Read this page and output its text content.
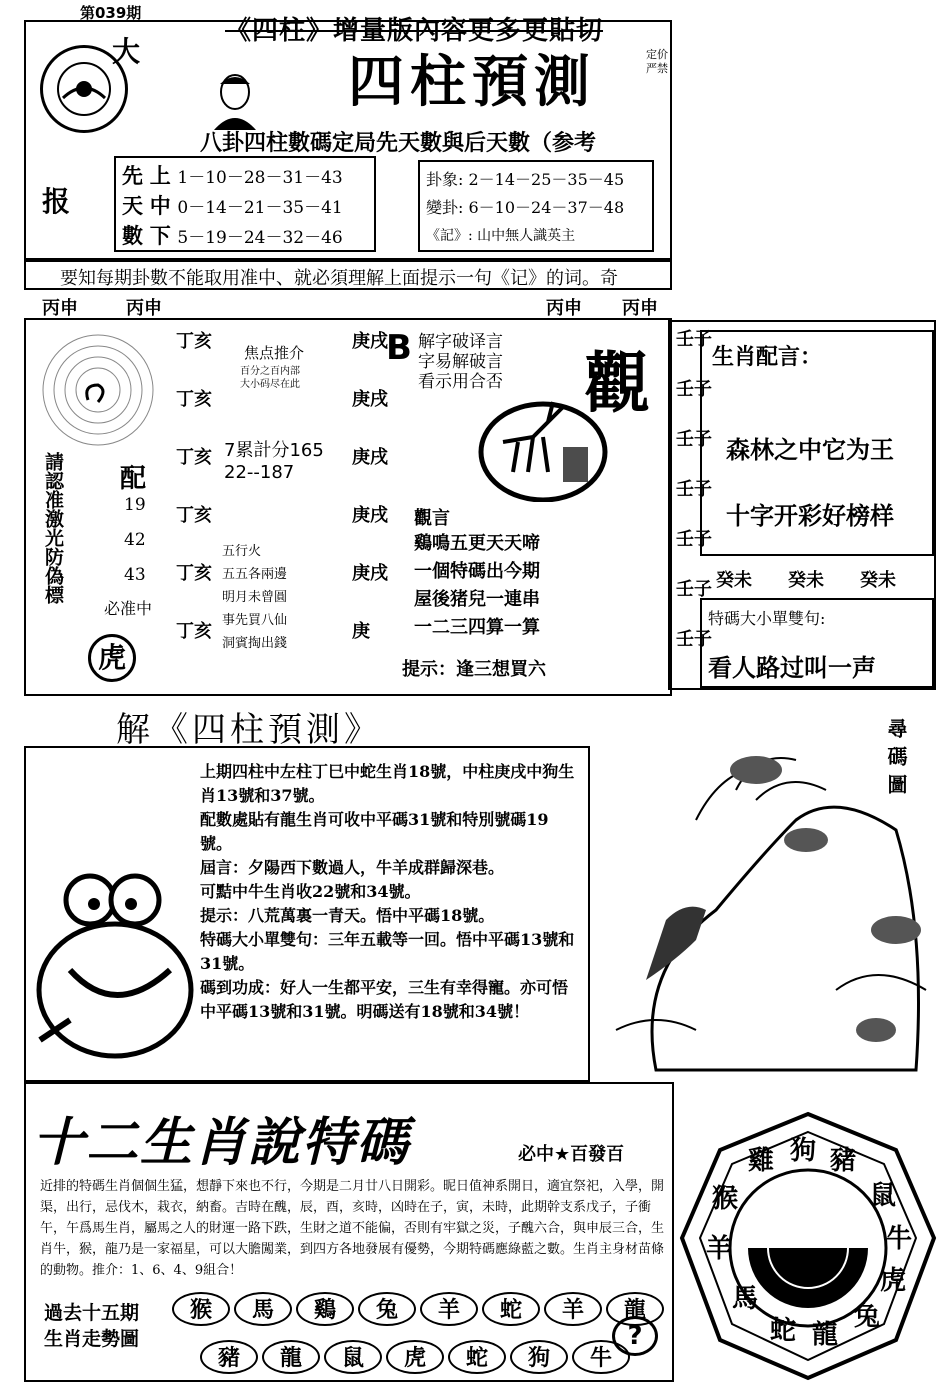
第039期
《四柱》增量版內容更多更貼切
大
报
四柱預測	定价
严禁
八卦四柱數碼定局先天數與后天數（参考
先 上 1－10－28－31－43
天 中 0－14－21－35－41
數 下 5－19－24－32－46
卦象: 2－14－25－35－45
變卦: 6－10－24－37－48
《記》: 山中無人識英主
要知每期卦數不能取用准中、就必須理解上面提示一句《记》的词。奇
丙申	丙申	丙申 丙申
請認准激光防偽標 配
19
42
43
必准中
虎
丁亥
丁亥
丁亥
丁亥
丁亥
丁亥
焦点推介
百分之百内部
大小码尽在此
7累計分165
22--187
五行火
五五各兩邊
明月未曾圓
事先買八仙
洞賓掏出錢
庚戌
庚戌
庚戌
庚戌
庚戌
庚
B 解字破译言
字易解破言
看示用合否 觀
觀言
鷄鳴五更天天啼
一個特碼出今期
屋後猪兒一連串
一二三四算一算
提示：逢三想買六
壬子
壬子
壬子
壬子
壬子
壬子
壬子
生肖配言：
森林之中它为王
十字开彩好榜样
癸未 癸未 癸未
特碼大小單雙句:
看人路过叫一声
解《四柱預測》	尋碼圖
上期四柱中左柱丁巳中蛇生肖18號，中柱庚戌中狗生肖13號和37號。
配數處貼有龍生肖可收中平碼31號和特別號碼19號。
屆言：夕陽西下數過人，牛羊成群歸深巷。
可黠中牛生肖收22號和34號。
提示：八荒萬裏一青天。悟中平碼18號。
特碼大小單雙句：三年五載等一回。悟中平碼13號和31號。
碼到功成：好人一生都平安，三生有幸得寵。亦可悟中平碼13號和31號。明碼送有18號和34號！
十二生肖說特碼	必中★百發百
近排的特碼生肖個個生猛，想靜下來也不行，今期是二月廿八日開彩。昵日值神系開日，適宜祭祀，入學，開渠，出行，忌伐木，栽衣，納畜。吉時在醜，辰，酉，亥時，凶時在子，寅，未時，此期幹支系戊子，子衝午，午爲馬生肖，屬馬之人的財運一路下跌，生財之道不能偏，否則有牢獄之災，子醜六合，與申辰三合，生肖牛，猴，龍乃是一家福星，可以大膽闖業，到四方各地發展有優勢，今期特碼應綠藍之數。生肖主身材苗條的動物。推介：1、6、4、9組合！
過去十五期
生肖走勢圖
猴 馬 鷄 兔 羊 蛇 羊 龍
豬 龍 鼠 虎 蛇 狗 牛
?
鼠
豬
狗
雞
猴
羊
馬
蛇 龍
兔
虎
牛
